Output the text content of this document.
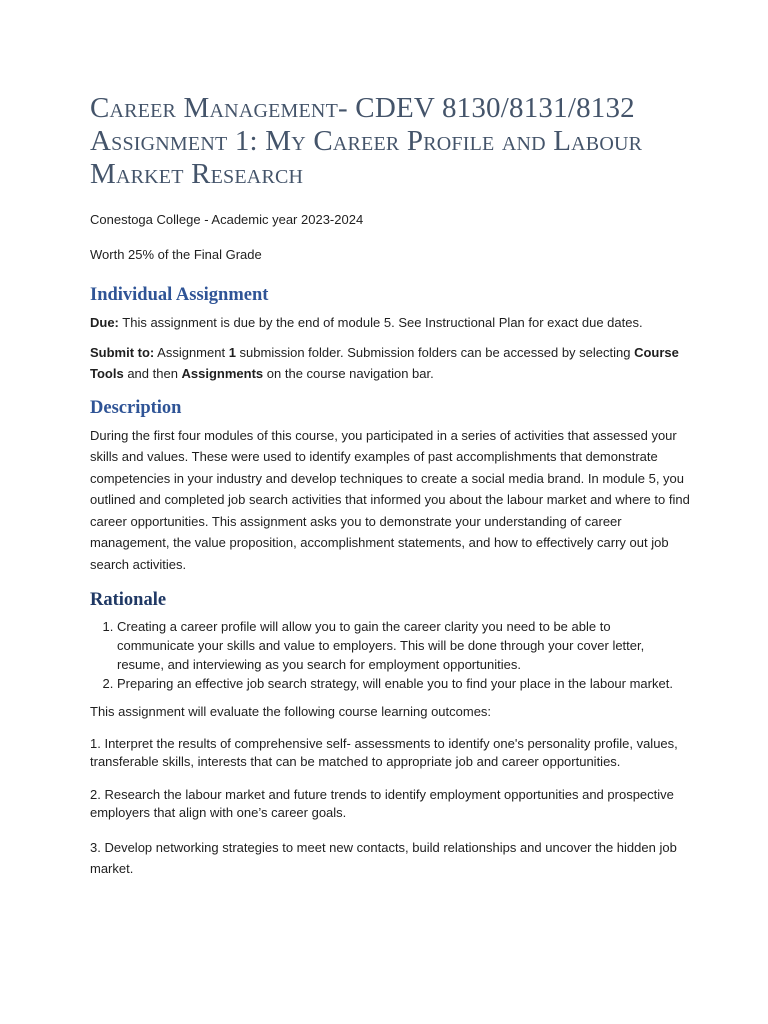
Career Management- CDEV 8130/8131/8132
Assignment 1: My Career Profile and Labour
Market Research
Conestoga College - Academic year 2023-2024
Worth 25% of the Final Grade
Individual Assignment

Due: This assignment is due by the end of module 5. See Instructional Plan for exact due dates.

Submit to: Assignment 1 submission folder. Submission folders can be accessed by selecting Course Tools and then Assignments on the course navigation bar.

Description

During the first four modules of this course, you participated in a series of activities that assessed your skills and values. These were used to identify examples of past accomplishments that demonstrate competencies in your industry and develop techniques to create a social media brand. In module 5, you outlined and completed job search activities that informed you about the labour market and where to find career opportunities. This assignment asks you to demonstrate your understanding of career management, the value proposition, accomplishment statements, and how to effectively carry out job search activities.

Rationale
1. Creating a career profile will allow you to gain the career clarity you need to be able to communicate your skills and value to employers. This will be done through your cover letter, resume, and interviewing as you search for employment opportunities.
2. Preparing an effective job search strategy, will enable you to find your place in the labour market.

This assignment will evaluate the following course learning outcomes:

1. Interpret the results of comprehensive self- assessments to identify one's personality profile, values, transferable skills, interests that can be matched to appropriate job and career opportunities.

2. Research the labour market and future trends to identify employment opportunities and prospective employers that align with one’s career goals.

3. Develop networking strategies to meet new contacts, build relationships and uncover the hidden job market.
